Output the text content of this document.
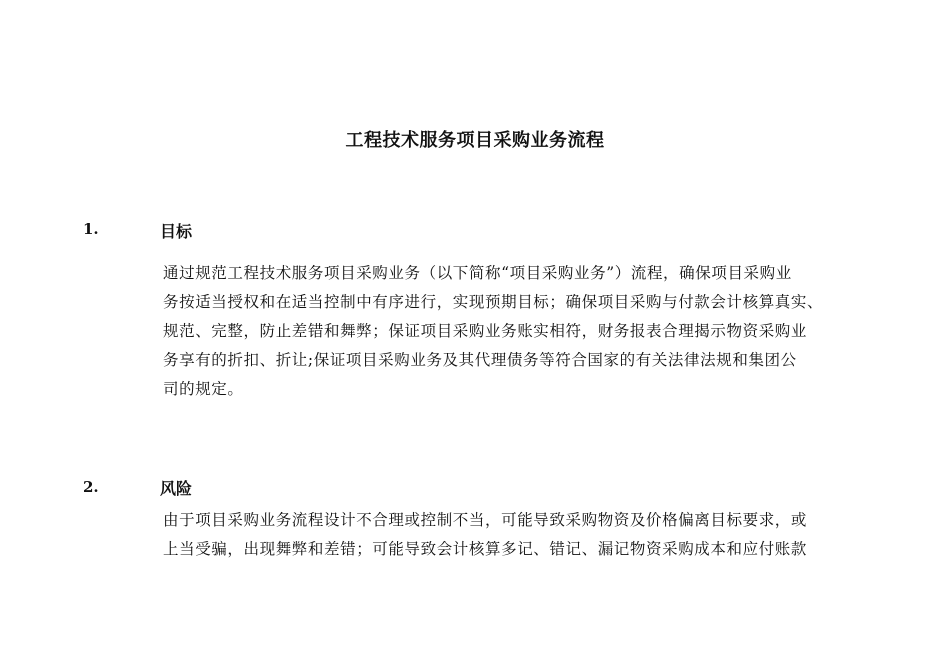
工程技术服务项目采购业务流程
1.	目标
通过规范工程技术服务项目采购业务（以下简称“项目采购业务”）流程，确保项目采购业
务按适当授权和在适当控制中有序进行，实现预期目标；确保项目采购与付款会计核算真实、
规范、完整，防止差错和舞弊；保证项目采购业务账实相符，财务报表合理揭示物资采购业
务享有的折扣、折让;保证项目采购业务及其代理债务等符合国家的有关法律法规和集团公
司的规定。
2.	风险
由于项目采购业务流程设计不合理或控制不当，可能导致采购物资及价格偏离目标要求，或
上当受骗，出现舞弊和差错；可能导致会计核算多记、错记、漏记物资采购成本和应付账款
